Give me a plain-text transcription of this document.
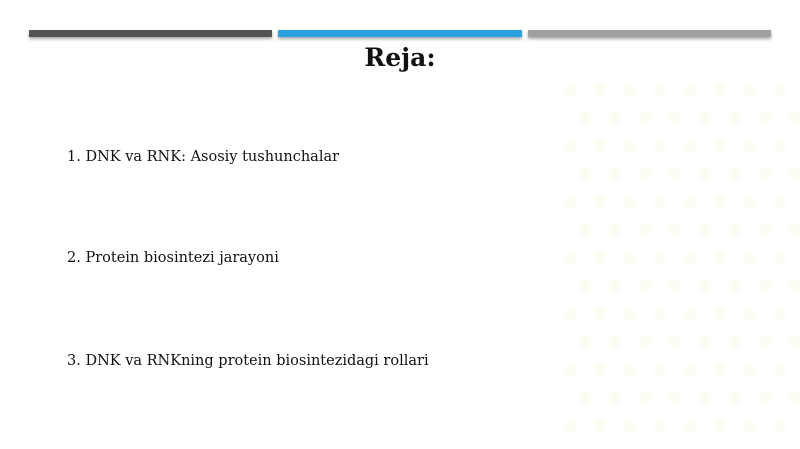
Reja:
1. DNK va RNK: Asosiy tushunchalar
2. Protein biosintezi jarayoni
3. DNK va RNKning protein biosintezidagi rollari
